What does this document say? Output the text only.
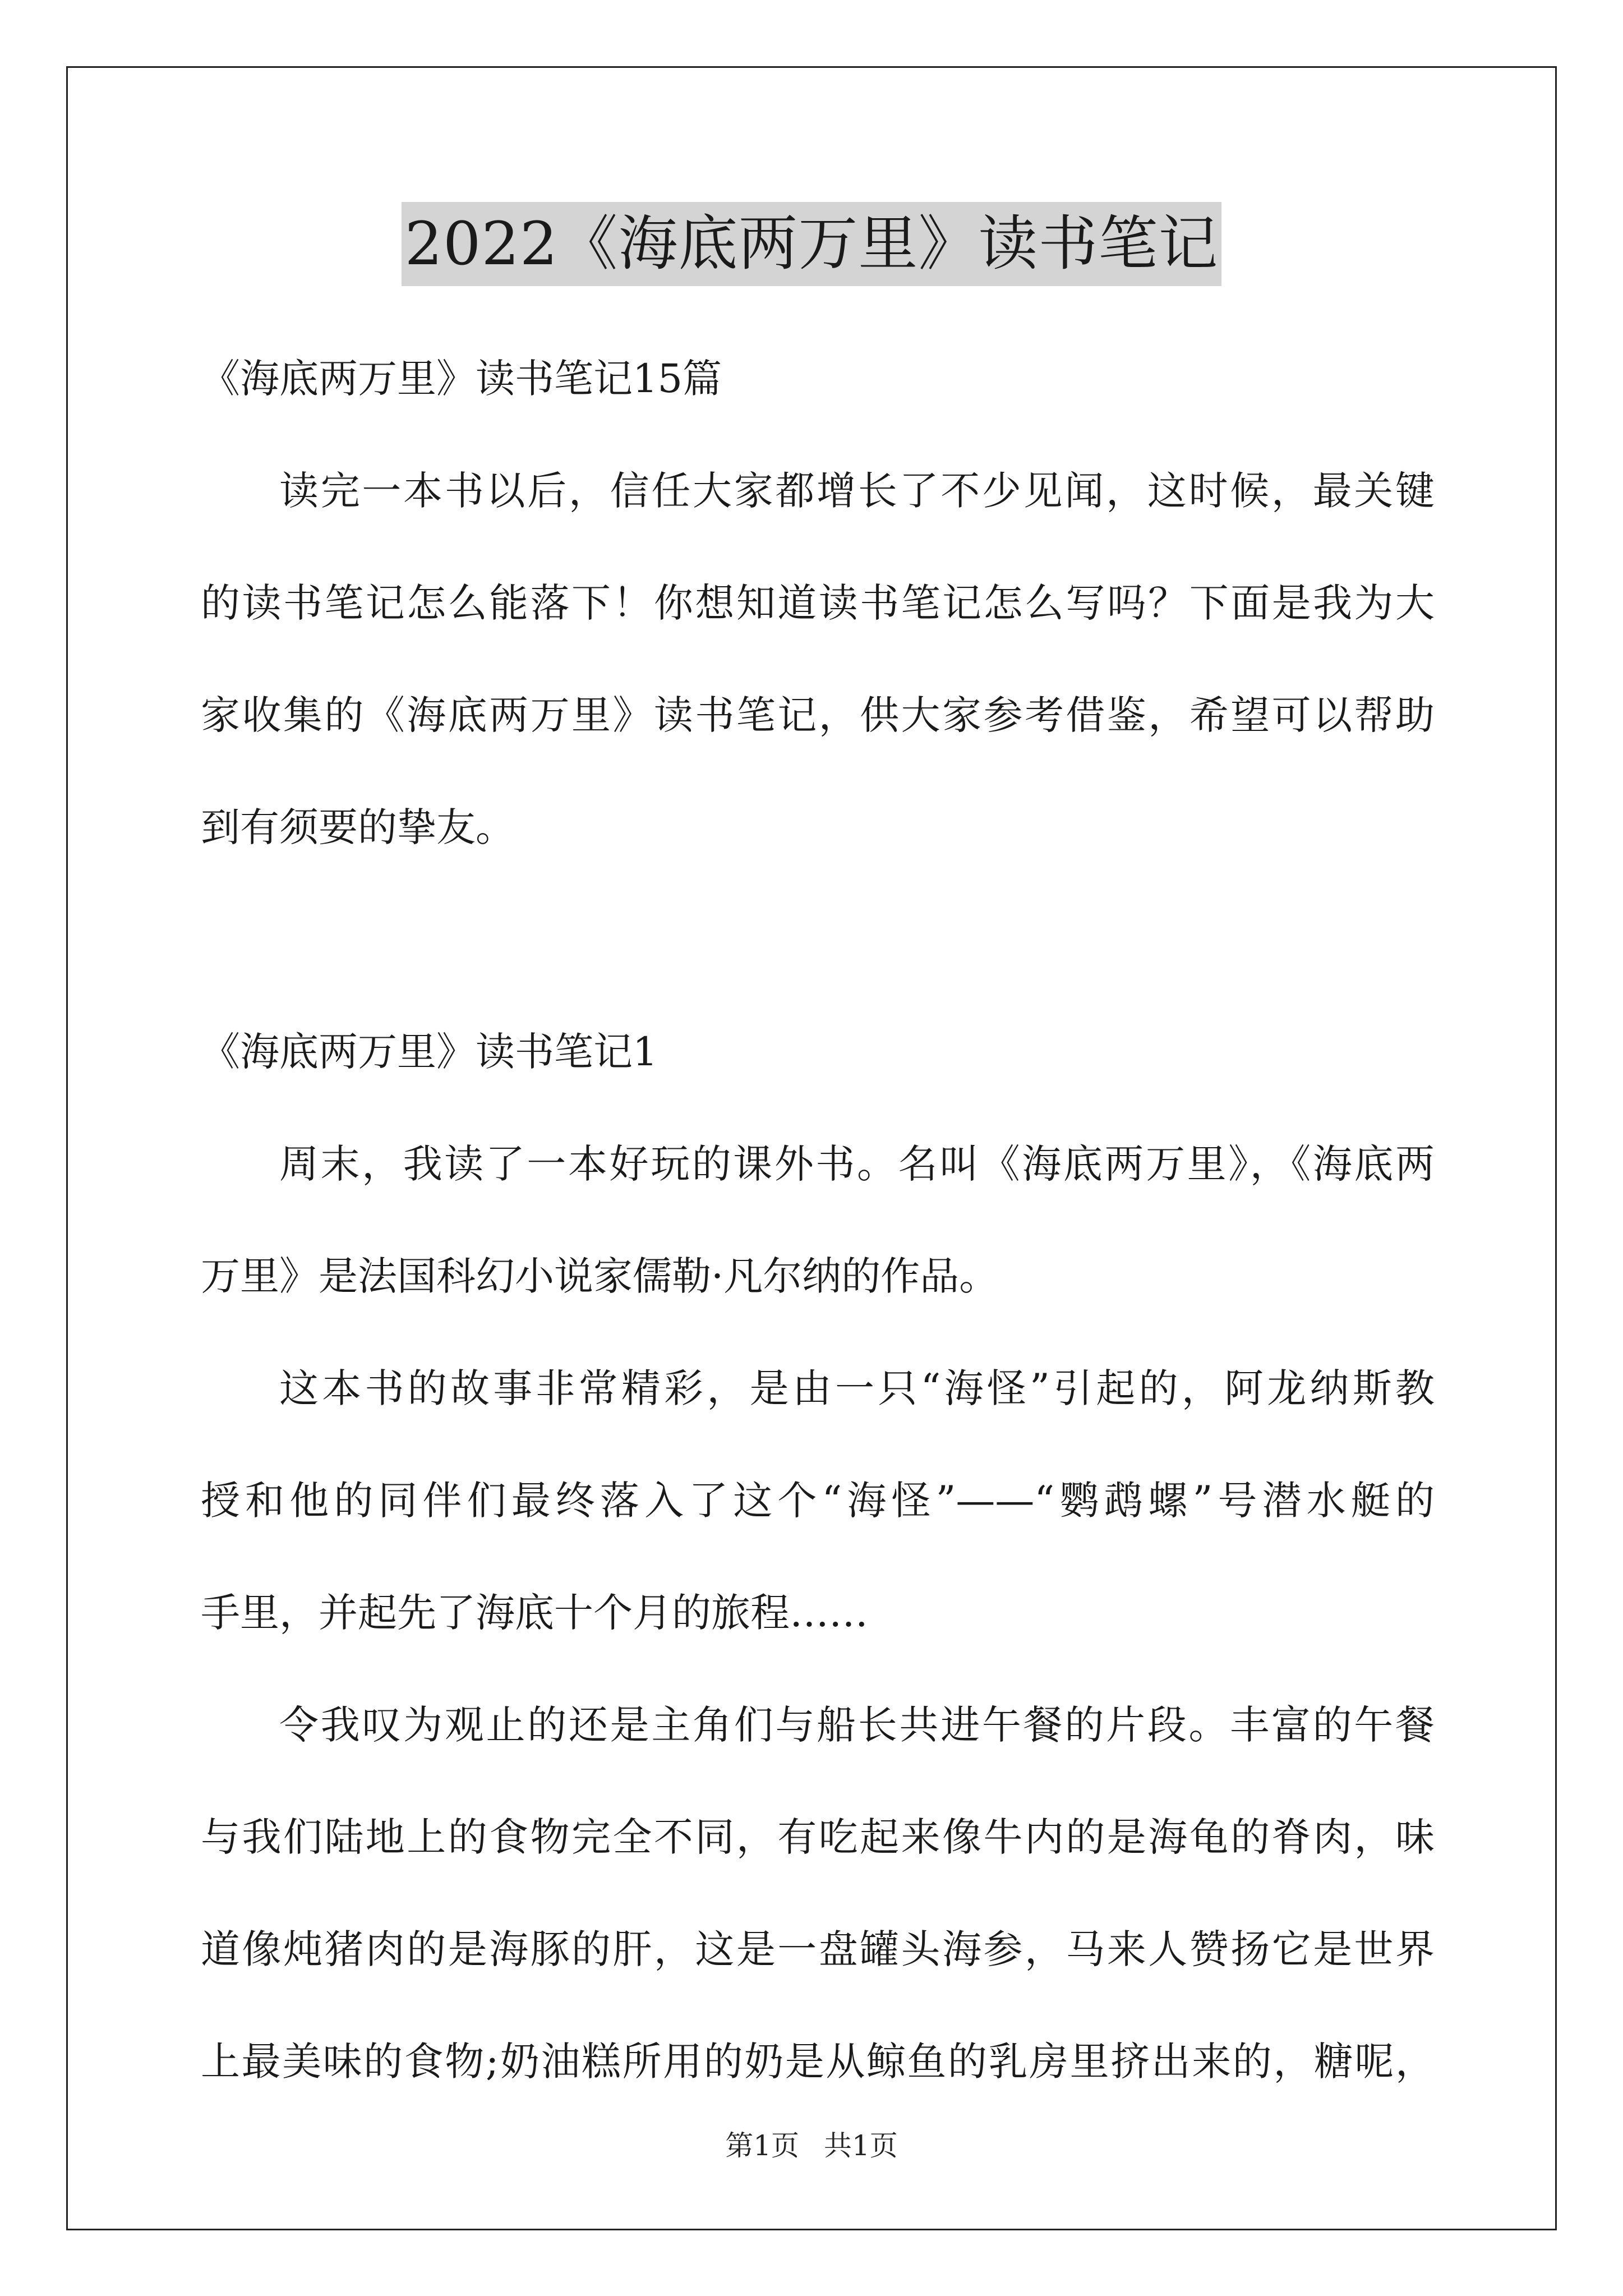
2022《海底两万里》读书笔记
《海底两万里》读书笔记15篇
读完一本书以后，信任大家都增长了不少见闻，这时候，最关键
的读书笔记怎么能落下！你想知道读书笔记怎么写吗？下面是我为大
家收集的《海底两万里》读书笔记，供大家参考借鉴，希望可以帮助
到有须要的挚友。
《海底两万里》读书笔记1
周末，我读了一本好玩的课外书。名叫《海底两万里》，《海底两
万里》是法国科幻小说家儒勒·凡尔纳的作品。
这本书的故事非常精彩，是由一只“海怪”引起的，阿龙纳斯教
授和他的同伴们最终落入了这个“海怪”——“鹦鹉螺”号潜水艇的
手里，并起先了海底十个月的旅程……
令我叹为观止的还是主角们与船长共进午餐的片段。丰富的午餐
与我们陆地上的食物完全不同，有吃起来像牛内的是海龟的脊肉，味
道像炖猪肉的是海豚的肝，这是一盘罐头海参，马来人赞扬它是世界
上最美味的食物;奶油糕所用的奶是从鲸鱼的乳房里挤出来的，糖呢，
第1页 共1页
